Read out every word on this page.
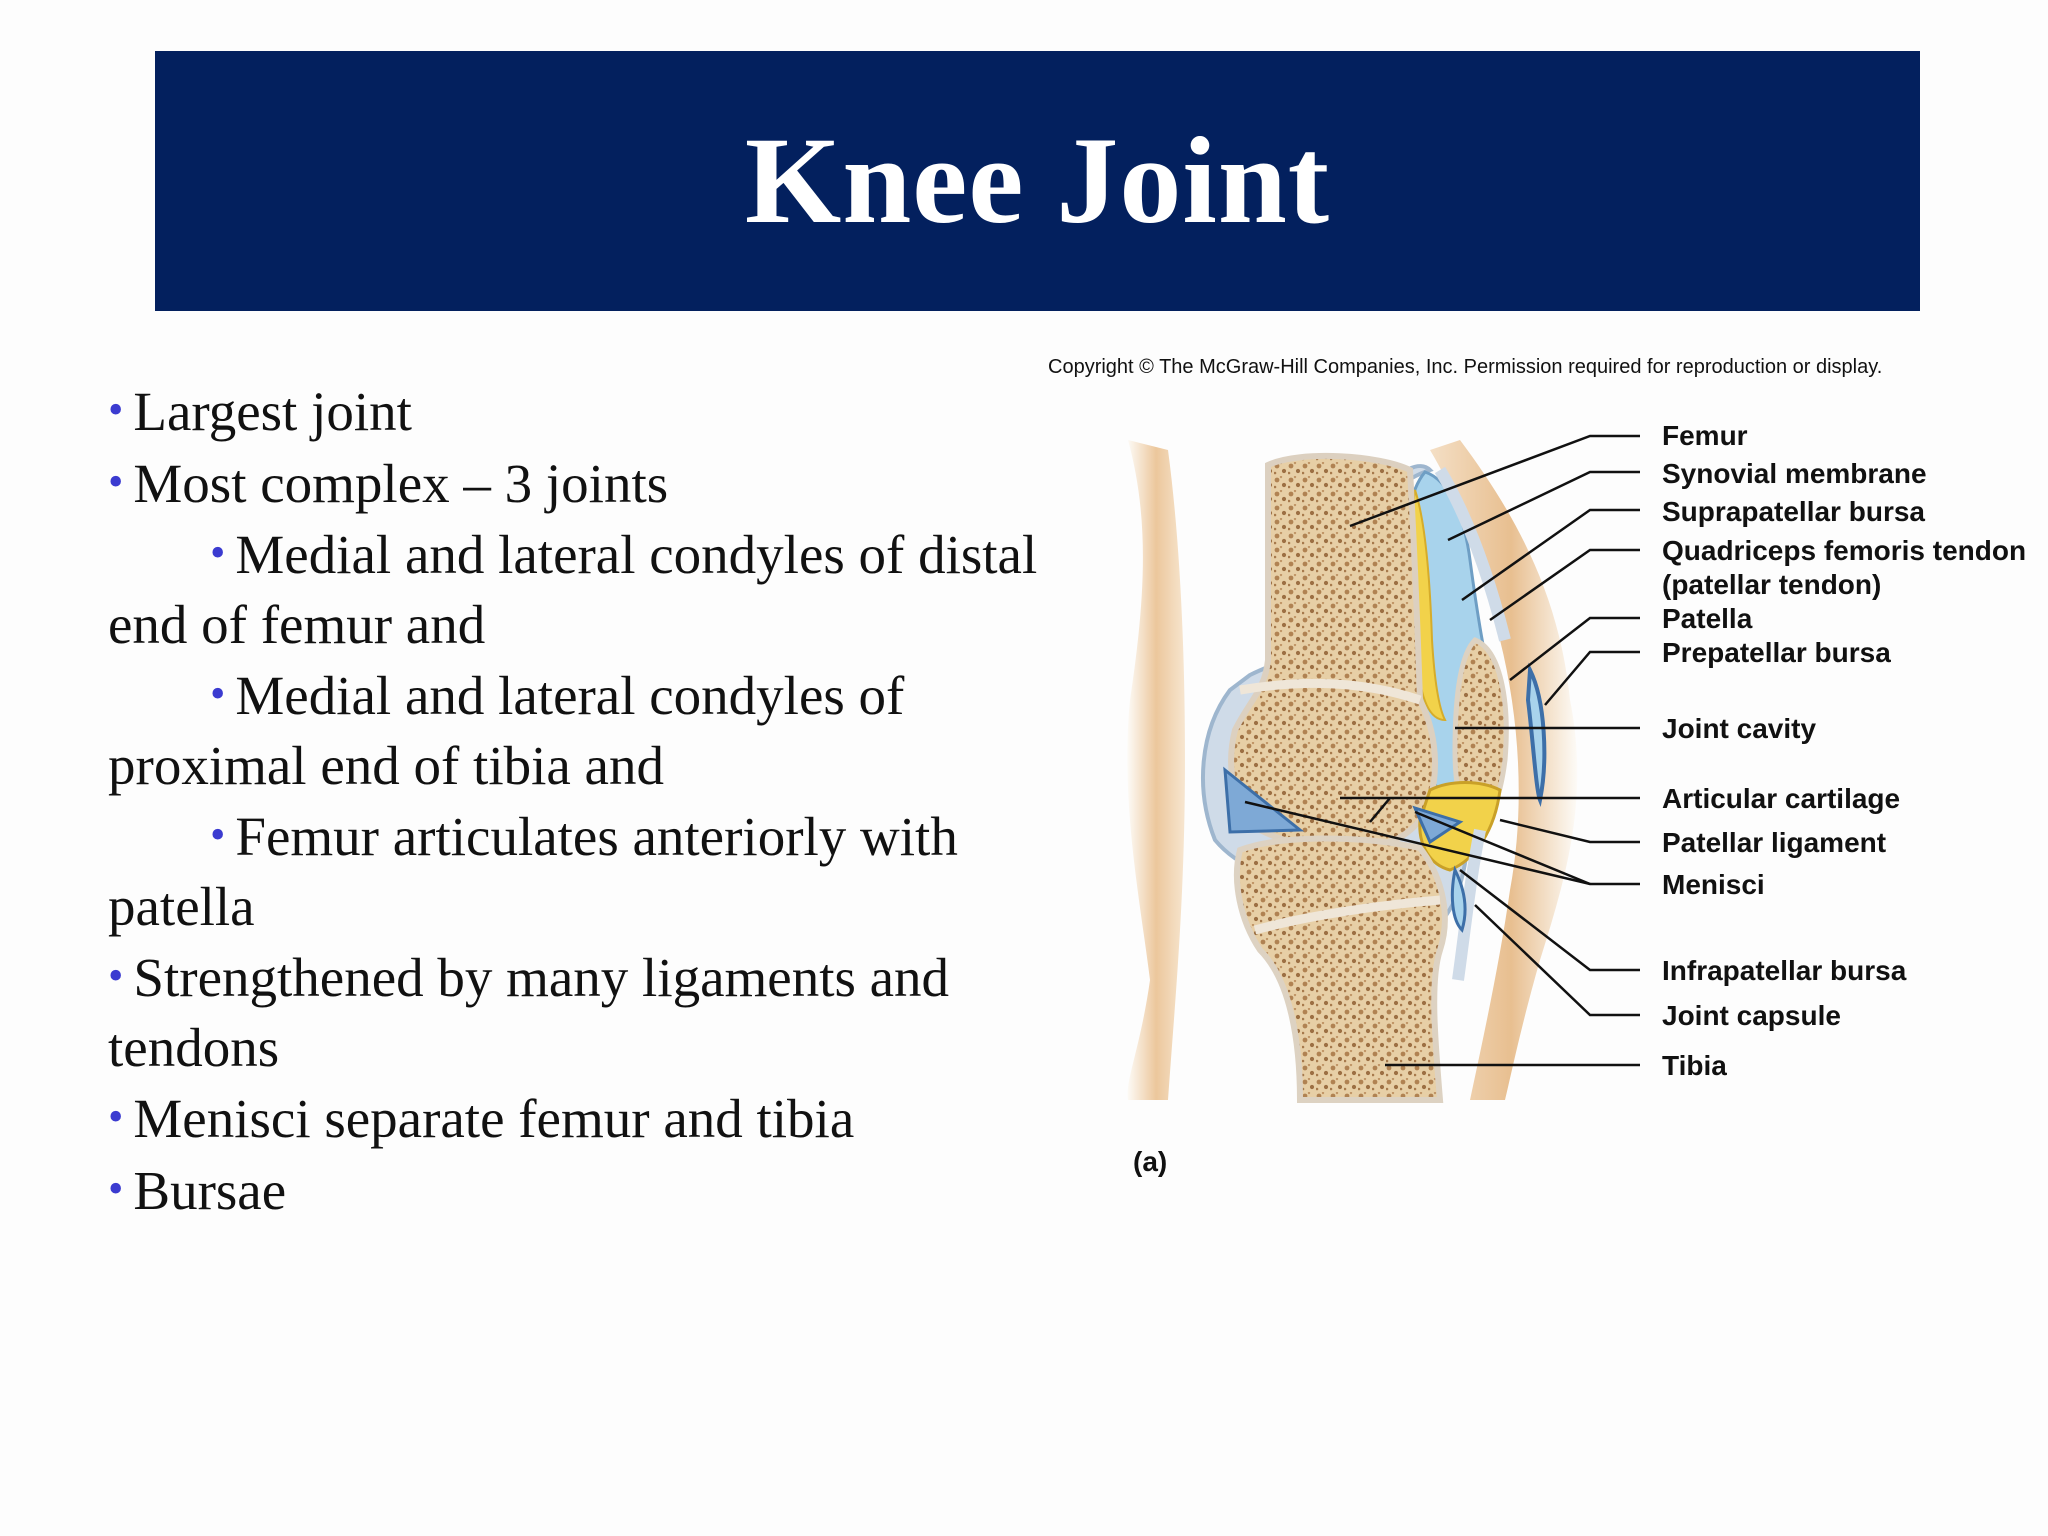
Knee Joint
• Largest joint
• Most complex – 3 joints
• Medial and lateral condyles of distal
end of femur and
• Medial and lateral condyles of
proximal end of tibia and
• Femur articulates anteriorly with
patella
• Strengthened by many ligaments and
tendons
• Menisci separate femur and tibia
• Bursae
Copyright © The McGraw-Hill Companies, Inc. Permission required for reproduction or display.
Femur
Synovial membrane
Suprapatellar bursa
Quadriceps femoris tendon
(patellar tendon)
Patella
Prepatellar bursa
Joint cavity
Articular cartilage
Patellar ligament
Menisci
Infrapatellar bursa
Joint capsule
Tibia
(a)
